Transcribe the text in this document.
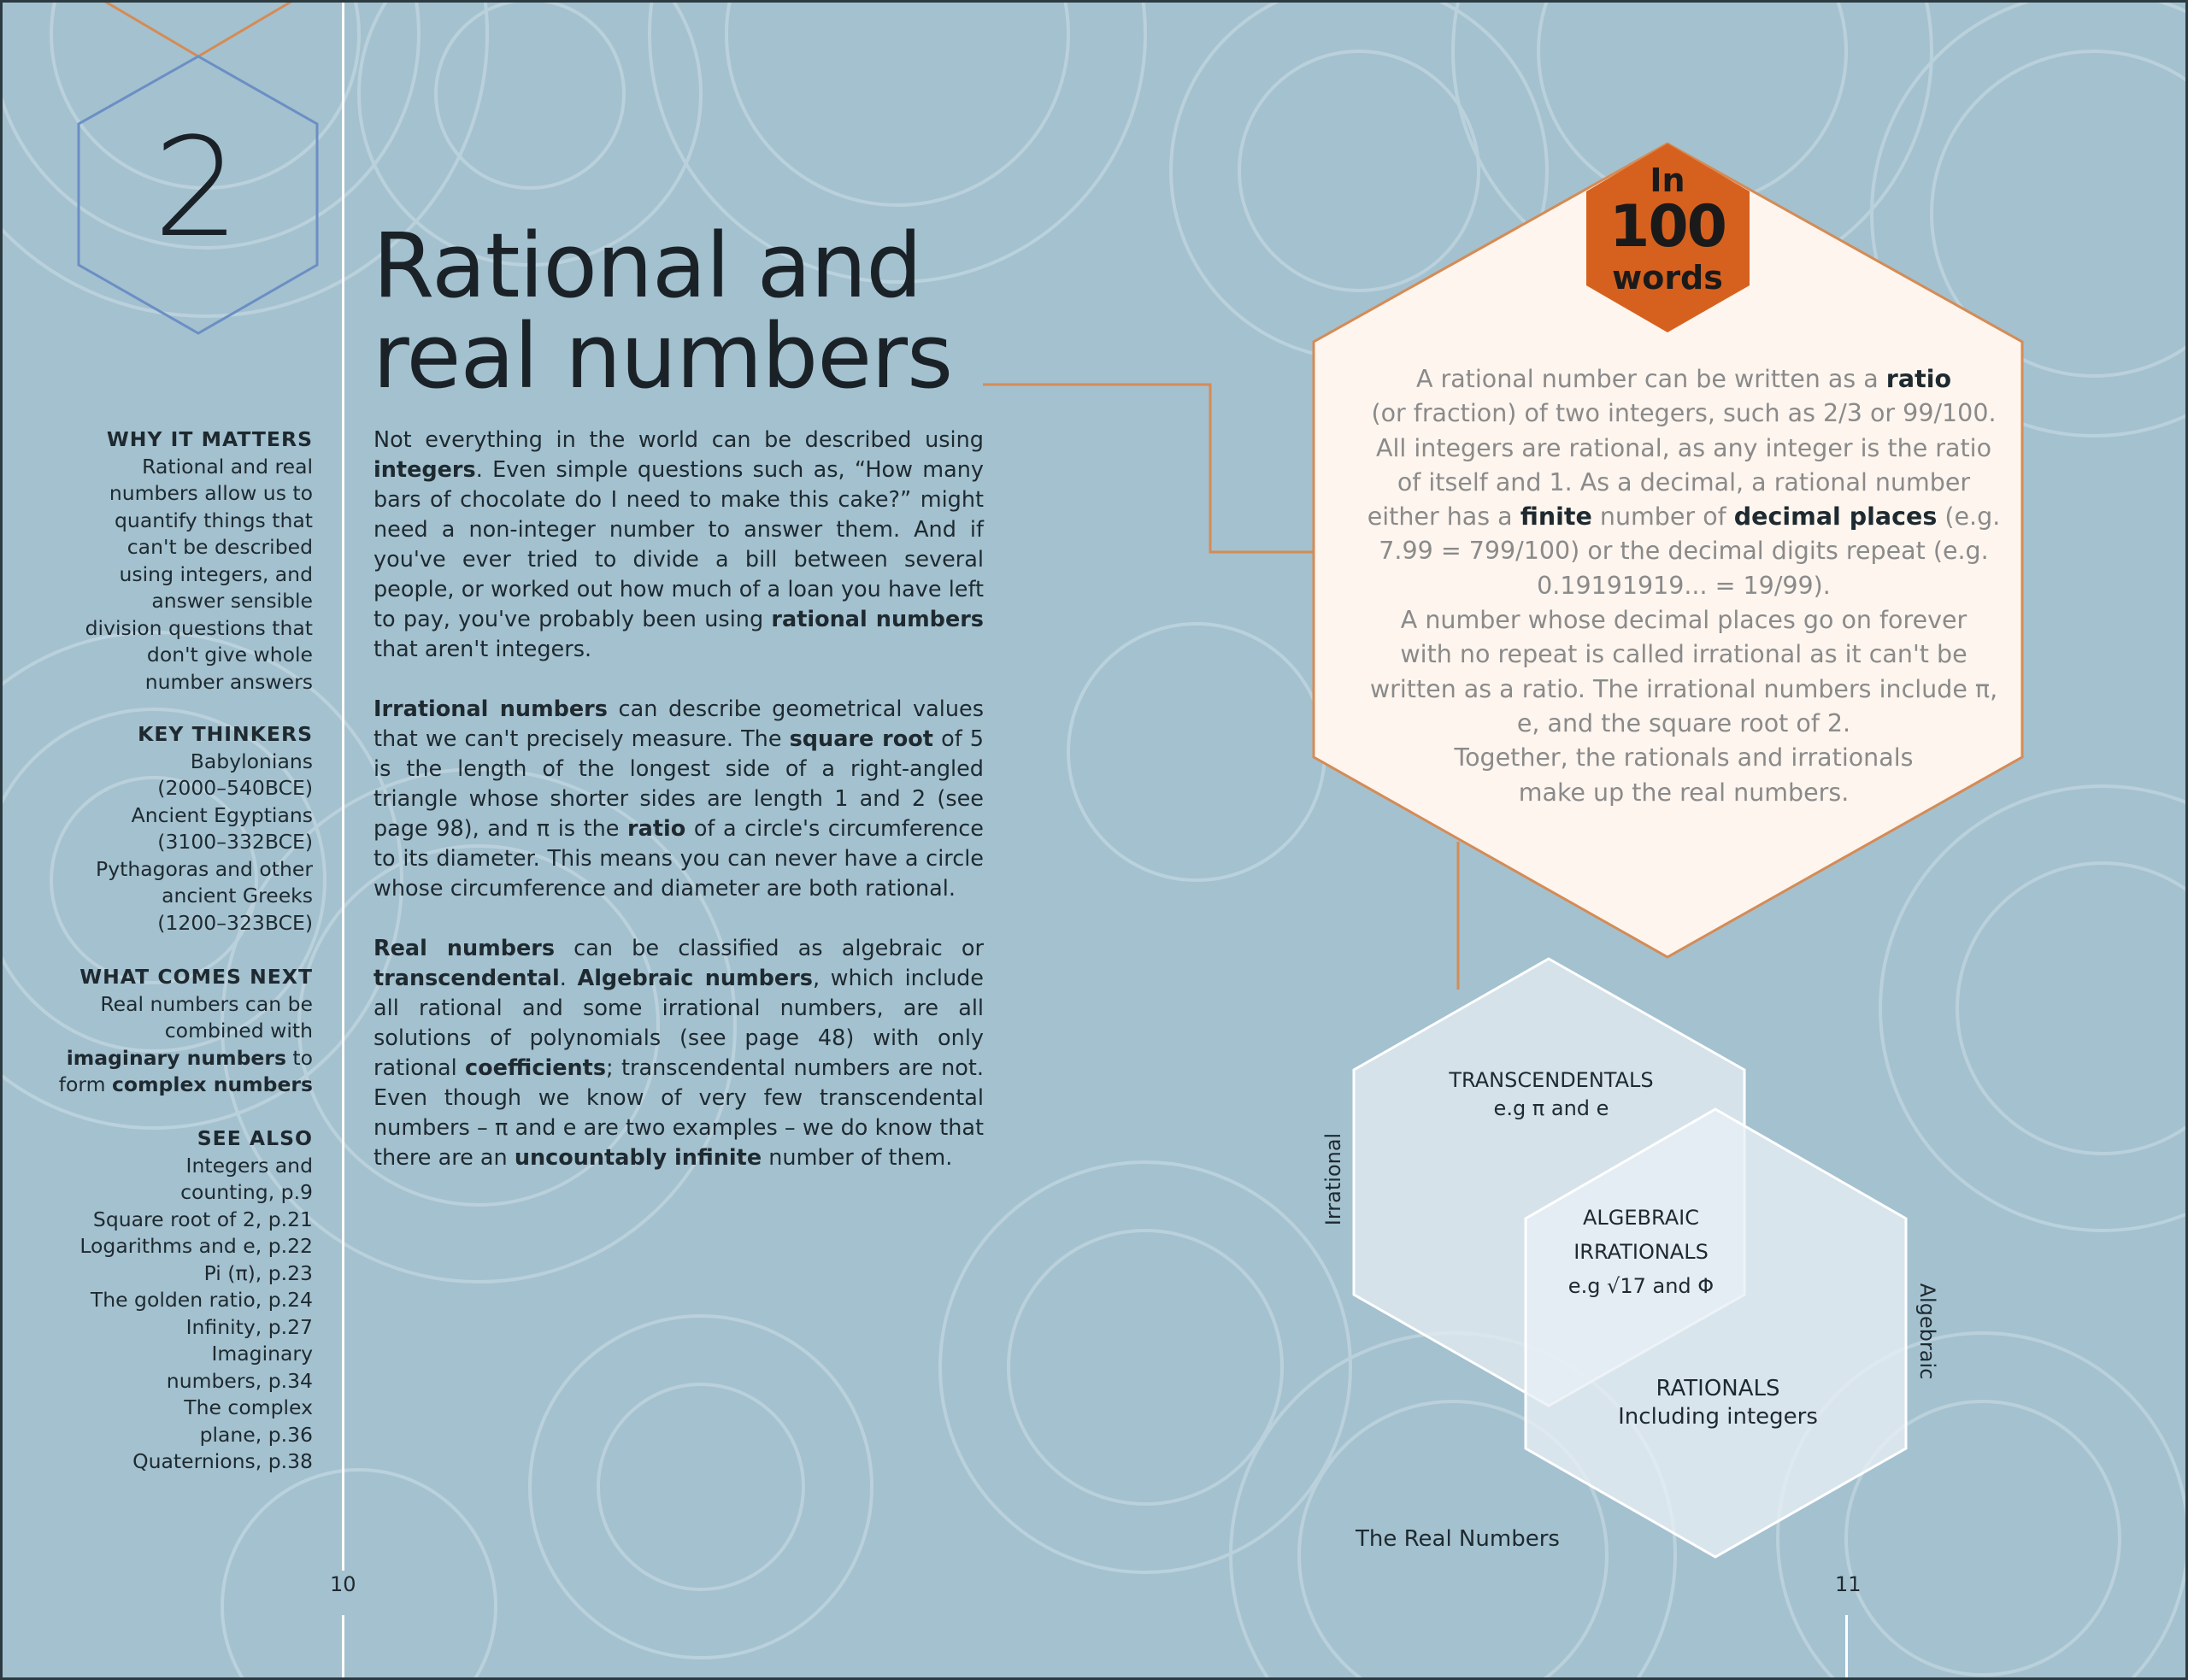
2	Rational and
real numbers
WHY IT MATTERS

Rational and real
numbers allow us to
quantify things that
can't be described
using integers, and
answer sensible
division questions that
don't give whole
number answers

KEY THINKERS

Babylonians
(2000–540BCE)
Ancient Egyptians
(3100–332BCE)
Pythagoras and other
ancient Greeks
(1200–323BCE)

WHAT COMES NEXT

Real numbers can be
combined with
imaginary numbers to
form complex numbers

SEE ALSO

Integers and
counting, p.9
Square root of 2, p.21
Logarithms and e, p.22
Pi (π), p.23
The golden ratio, p.24
Infinity, p.27
Imaginary
numbers, p.34
The complex
plane, p.36
Quaternions, p.38

Not everything in the world can be described using integers. Even simple questions such as, “How many bars of chocolate do I need to make this cake?” might need a non-integer number to answer them. And if you've ever tried to divide a bill between several people, or worked out how much of a loan you have left to pay, you've probably been using rational numbers that aren't integers.

Irrational numbers can describe geometrical values that we can't precisely measure. The square root of 5 is the length of the longest side of a right-angled triangle whose shorter sides are length 1 and 2 (see page 98), and π is the ratio of a circle's circumference to its diameter. This means you can never have a circle whose circumference and diameter are both rational.

Real numbers can be classified as algebraic or transcendental. Algebraic numbers, which include all rational and some irrational numbers, are all solutions of polynomials (see page 48) with only rational coefficients; transcendental numbers are not. Even though we know of very few transcendental numbers – π and e are two examples – we do know that there are an uncountably infinite number of them.

In
100
words
A rational number can be written as a ratio
(or fraction) of two integers, such as 2/3 or 99/100.
All integers are rational, as any integer is the ratio
of itself and 1. As a decimal, a rational number
either has a finite number of decimal places (e.g.
7.99 = 799/100) or the decimal digits repeat (e.g.
0.19191919... = 19/99).
A number whose decimal places go on forever
with no repeat is called irrational as it can't be
written as a ratio. The irrational numbers include π,
e, and the square root of 2.
Together, the rationals and irrationals
make up the real numbers.
TRANSCENDENTALS
e.g π and e
ALGEBRAIC
IRRATIONALS
e.g √17 and Φ
RATIONALS
Including integers
Irrational
Algebraic
The Real Numbers
10	11
